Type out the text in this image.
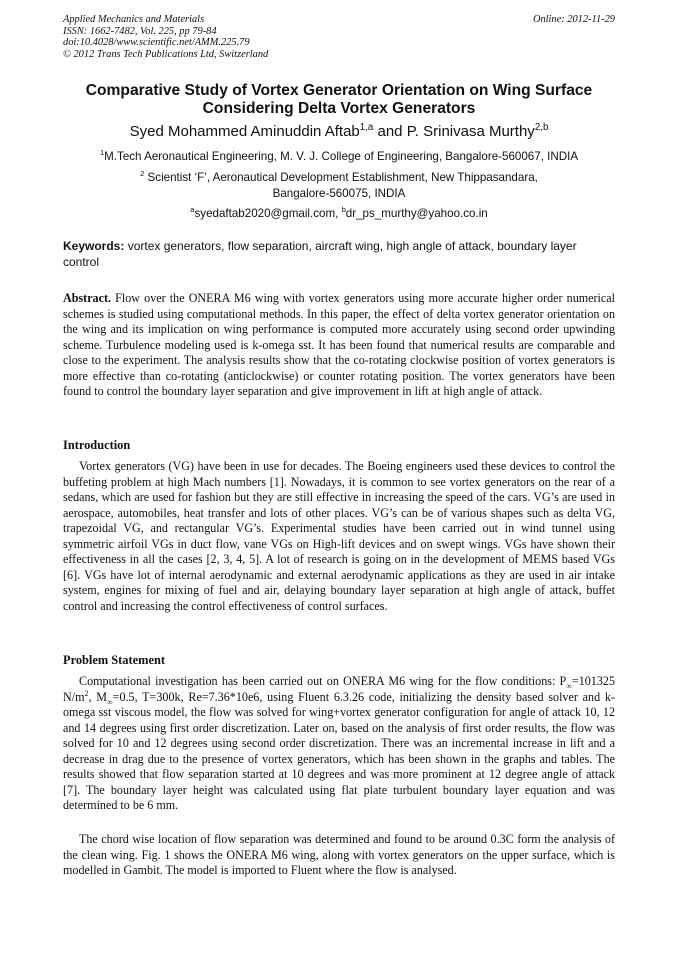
Applied Mechanics and Materials
ISSN: 1662-7482, Vol. 225, pp 79-84
doi:10.4028/www.scientific.net/AMM.225.79
© 2012 Trans Tech Publications Ltd, Switzerland
Online: 2012-11-29
Comparative Study of Vortex Generator Orientation on Wing Surface
Considering Delta Vortex Generators
Syed Mohammed Aminuddin Aftab$^{1,a}$ and P. Srinivasa Murthy$^{2,b}$
$^1$M.Tech Aeronautical Engineering, M. V. J. College of Engineering, Bangalore-560067, INDIA
$^2$ Scientist ‘F’, Aeronautical Development Establishment, New Thippasandara,
Bangalore-560075, INDIA
$^a$syedaftab2020@gmail.com, $^b$dr_ps_murthy@yahoo.co.in
Keywords: vortex generators, flow separation, aircraft wing, high angle of attack, boundary layer control

Abstract. Flow over the ONERA M6 wing with vortex generators using more accurate higher order numerical schemes is studied using computational methods. In this paper, the effect of delta vortex generator orientation on the wing and its implication on wing performance is computed more accurately using second order upwinding scheme. Turbulence modeling used is k-omega sst. It has been found that numerical results are comparable and close to the experiment. The analysis results show that the co-rotating clockwise position of vortex generators is more effective than co-rotating (anticlockwise) or counter rotating position. The vortex generators have been found to control the boundary layer separation and give improvement in lift at high angle of attack.

Introduction

Vortex generators (VG) have been in use for decades. The Boeing engineers used these devices to control the buffeting problem at high Mach numbers [1]. Nowadays, it is common to see vortex generators on the rear of a sedans, which are used for fashion but they are still effective in increasing the speed of the cars. VG’s are used in aerospace, automobiles, heat transfer and lots of other places. VG’s can be of various shapes such as delta VG, trapezoidal VG, and rectangular VG’s. Experimental studies have been carried out in wind tunnel using symmetric airfoil VGs in duct flow, vane VGs on High-lift devices and on swept wings. VGs have shown their effectiveness in all the cases [2, 3, 4, 5]. A lot of research is going on in the development of MEMS based VGs [6]. VGs have lot of internal aerodynamic and external aerodynamic applications as they are used in air intake system, engines for mixing of fuel and air, delaying boundary layer separation at high angle of attack, buffet control and increasing the control effectiveness of control surfaces.

Problem Statement

Computational investigation has been carried out on ONERA M6 wing for the flow conditions: $P_\infty=101325$ $N/m^2$, $M_\infty=0.5$, T=300k, Re=7.36*10e6, using Fluent 6.3.26 code, initializing the density based solver and k-omega sst viscous model, the flow was solved for wing+vortex generator configuration for angle of attack 10, 12 and 14 degrees using first order discretization. Later on, based on the analysis of first order results, the flow was solved for 10 and 12 degrees using second order discretization. There was an incremental increase in lift and a decrease in drag due to the presence of vortex generators, which has been shown in the graphs and tables. The results showed that flow separation started at 10 degrees and was more prominent at 12 degree angle of attack [7]. The boundary layer height was calculated using flat plate turbulent boundary layer equation and was determined to be 6 mm.

The chord wise location of flow separation was determined and found to be around 0.3C form the analysis of the clean wing. Fig. 1 shows the ONERA M6 wing, along with vortex generators on the upper surface, which is modelled in Gambit. The model is imported to Fluent where the flow is analysed.
